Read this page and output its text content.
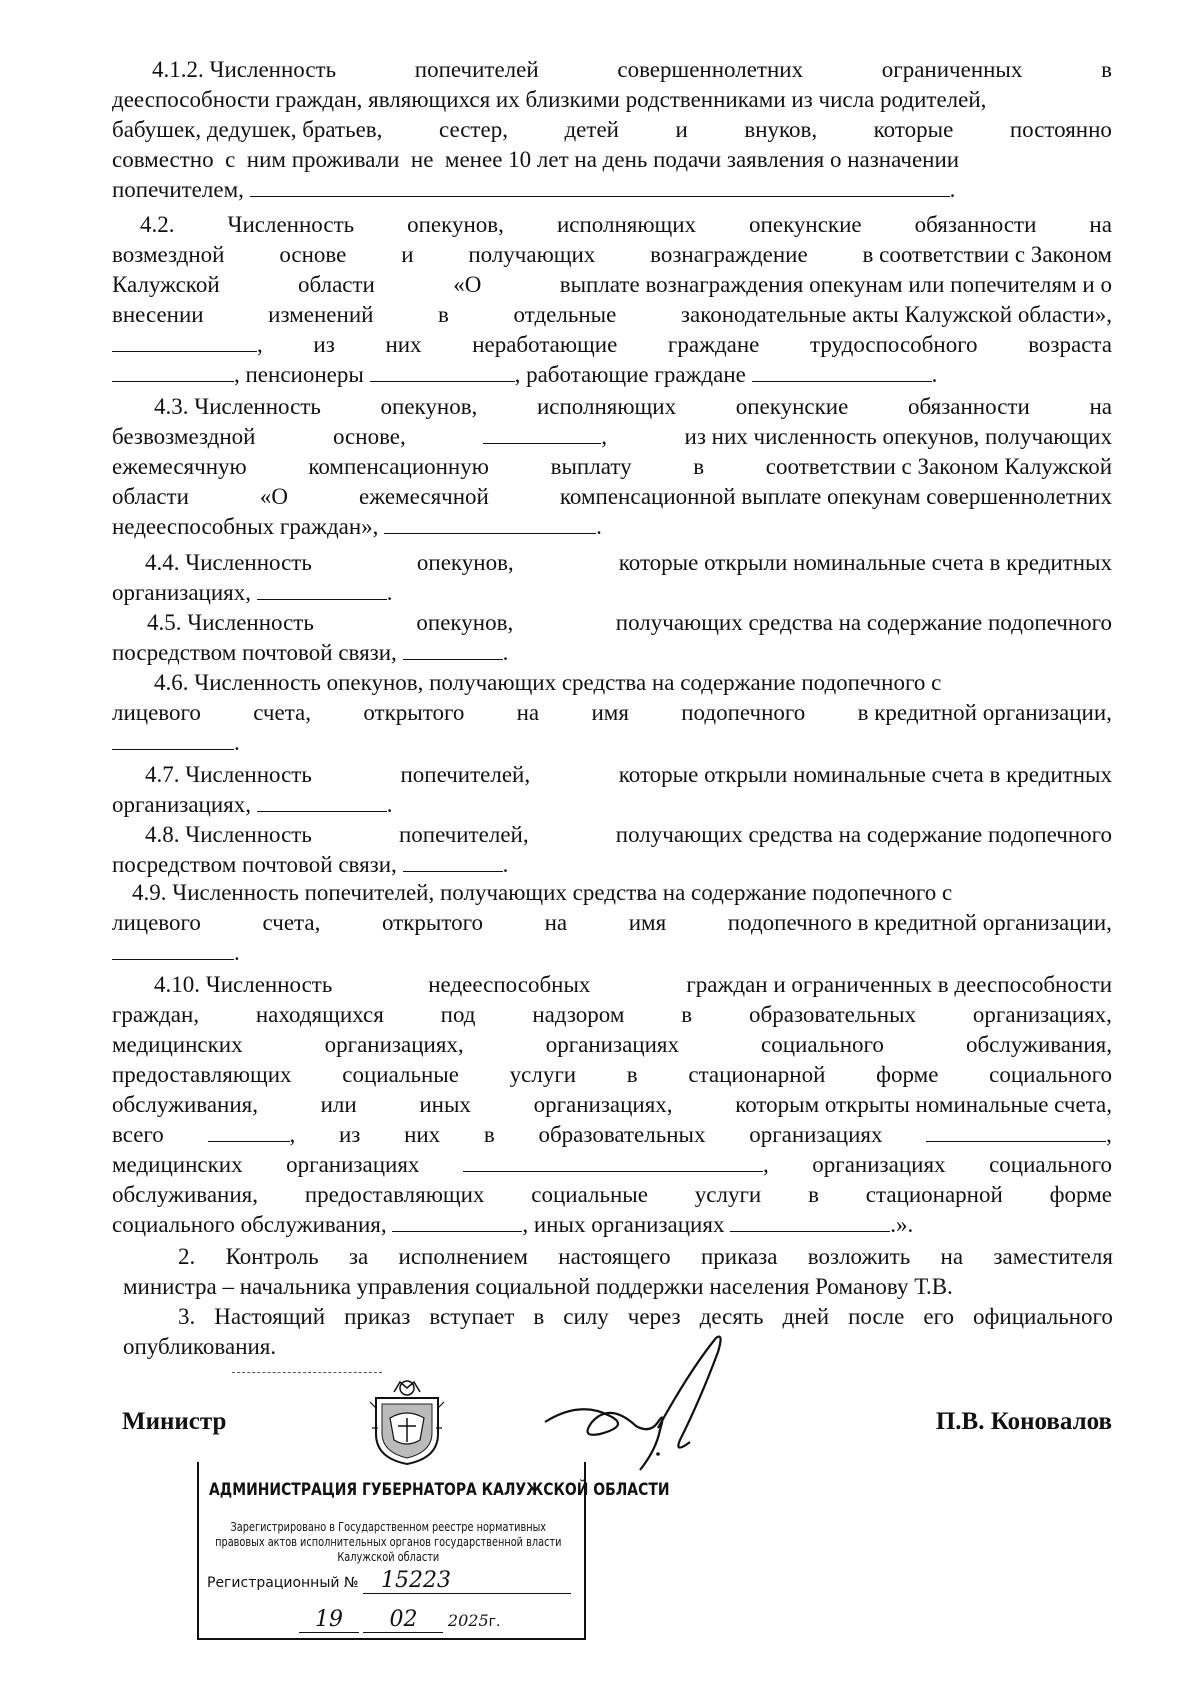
4.1.2. Численность	попечителей	совершеннолетних	ограниченных	в
дееспособности граждан, являющихся их близкими родственниками из числа родителей,
бабушек, дедушек, братьев, сестер, детей и внуков, которые постоянно
совместно  с  ним проживали  не  менее 10 лет на день подачи заявления о назначении
попечителем,	.
4.2. Численность опекунов, исполняющих опекунские обязанности на
возмездной основе и получающих вознаграждение в соответствии с Законом
Калужской	области	«О	выплате вознаграждения опекунам или попечителям и о
внесении	изменений	в	отдельные	законодательные акты Калужской области»,
, из них неработающие граждане трудоспособного возраста
, пенсионеры	, работающие граждане	.
4.3. Численность	опекунов,	исполняющих	опекунские	обязанности	на
безвозмездной	основе,	,	из них численность опекунов, получающих
ежемесячную	компенсационную	выплату	в	соответствии с Законом Калужской
области	«О	ежемесячной	компенсационной выплате опекунам совершеннолетних
недееспособных граждан»,	.
4.4. Численность	опекунов,	которые открыли номинальные счета в кредитных
организациях,	.
4.5. Численность	опекунов,	получающих средства на содержание подопечного
посредством почтовой связи,	.
4.6. Численность опекунов, получающих средства на содержание подопечного с
лицевого счета, открытого на имя подопечного в кредитной организации,
.
4.7. Численность	попечителей,	которые открыли номинальные счета в кредитных
организациях,	.
4.8. Численность	попечителей,	получающих средства на содержание подопечного
посредством почтовой связи,	.
4.9. Численность попечителей, получающих средства на содержание подопечного с
лицевого	счета,	открытого	на	имя	подопечного в кредитной организации,
.
4.10. Численность	недееспособных	граждан и ограниченных в дееспособности
граждан, находящихся под надзором в образовательных организациях,
медицинских	организациях,	организациях	социального	обслуживания,
предоставляющих социальные услуги в стационарной форме социального
обслуживания,	или	иных	организациях,	которым открыты номинальные счета,
всего	, из них в образовательных организациях	,
медицинских организациях	, организациях социального
обслуживания, предоставляющих социальные услуги в стационарной форме
социального обслуживания,	, иных организациях	.».
2. Контроль за исполнением настоящего приказа возложить на заместителя
министра – начальника управления социальной поддержки населения Романову Т.В.
3. Настоящий приказ вступает в силу через десять дней после его официального
опубликования.
Министр	П.В. Коновалов
АДМИНИСТРАЦИЯ ГУБЕРНАТОРА КАЛУЖСКОЙ ОБЛАСТИ
Зарегистрировано в Государственном реестре нормативных правовых актов исполнительных органов государственной власти Калужской области
Регистрационный № 15223
19 02 2025г.
